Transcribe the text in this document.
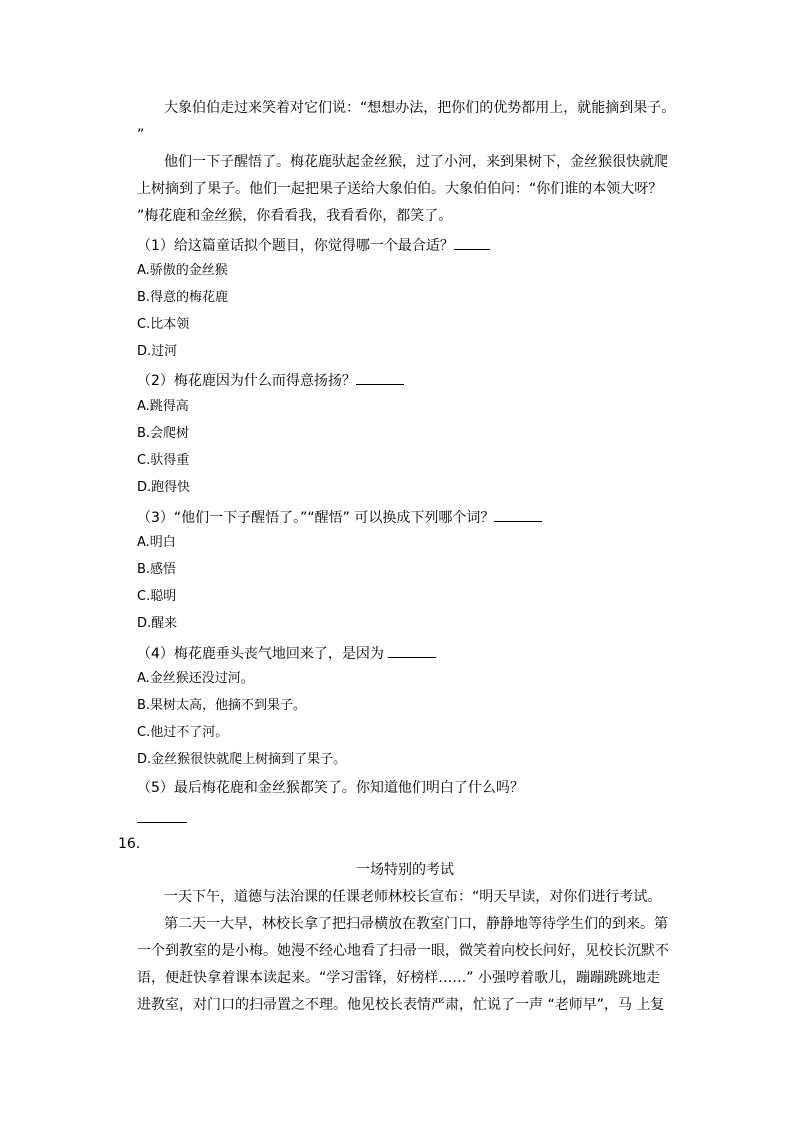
大象伯伯走过来笑着对它们说：“想想办法，把你们的优势都用上，就能摘到果子。
”
他们一下子醒悟了。梅花鹿驮起金丝猴，过了小河，来到果树下，金丝猴很快就爬
上树摘到了果子。他们一起把果子送给大象伯伯。大象伯伯问：“你们谁的本领大呀？
”梅花鹿和金丝猴，你看看我，我看看你，都笑了。
（1）给这篇童话拟个题目，你觉得哪一个最合适？
A.骄傲的金丝猴
B.得意的梅花鹿
C.比本领
D.过河
（2）梅花鹿因为什么而得意扬扬？
A.跳得高
B.会爬树
C.驮得重
D.跑得快
（3）“他们一下子醒悟了。”“醒悟” 可以换成下列哪个词？
A.明白
B.感悟
C.聪明
D.醒来
（4）梅花鹿垂头丧气地回来了，是因为
A.金丝猴还没过河。
B.果树太高，他摘不到果子。
C.他过不了河。
D.金丝猴很快就爬上树摘到了果子。
（5）最后梅花鹿和金丝猴都笑了。你知道他们明白了什么吗？
16.
一场特别的考试
一天下午，道德与法治课的任课老师林校长宣布：“明天早读，对你们进行考试。
第二天一大早，林校长拿了把扫帚横放在教室门口，静静地等待学生们的到来。第
一个到教室的是小梅。她漫不经心地看了扫帚一眼，微笑着向校长问好，见校长沉默不
语，便赶快拿着课本读起来。“学习雷锋，好榜样……” 小强哼着歌儿，蹦蹦跳跳地走
进教室，对门口的扫帚置之不理。他见校长表情严肃，忙说了一声 “老师早”，马 上复
